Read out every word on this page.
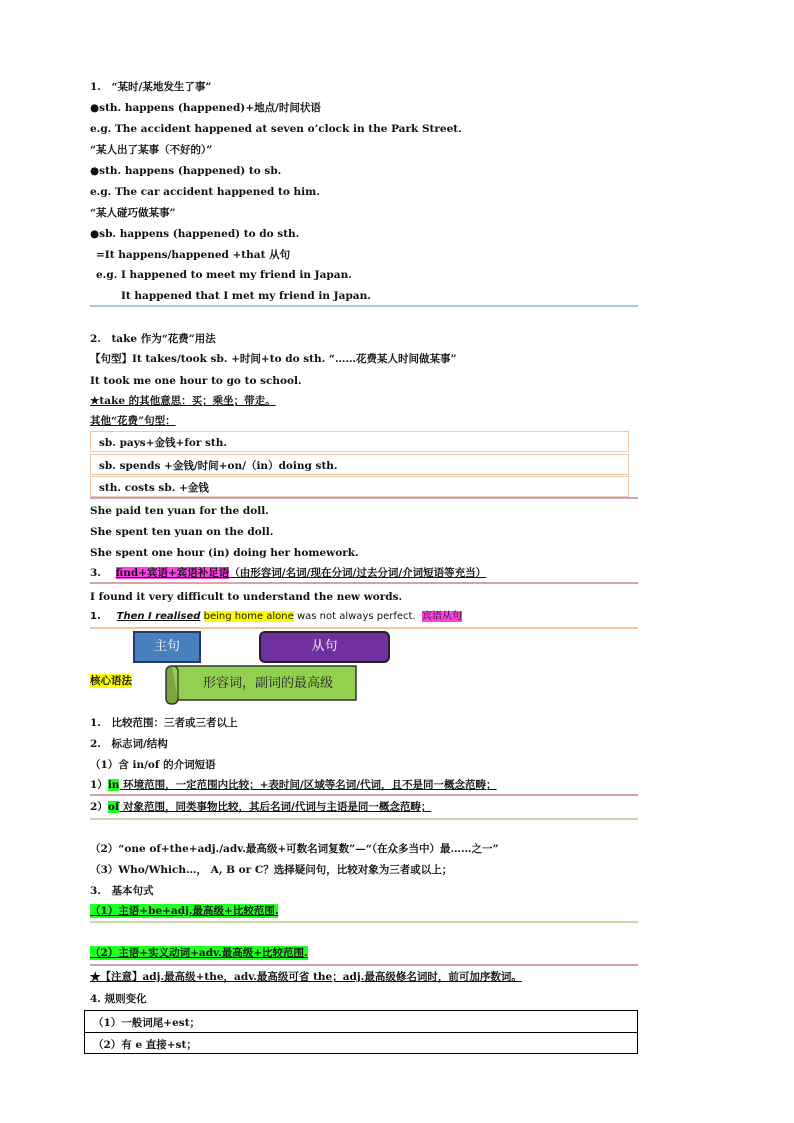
1.　“某时/某地发生了事”
●sth. happens (happened)+地点/时间状语
e.g. The accident happened at seven o’clock in the Park Street.
“某人出了某事（不好的）”
●sth. happens (happened) to sb.
e.g. The car accident happened to him.
“某人碰巧做某事”
●sb. happens (happened) to do sth.
=It happens/happened +that 从句
e.g. I happened to meet my friend in Japan.
It happened that I met my friend in Japan.
2.　take 作为“花费”用法
【句型】It takes/took sb. +时间+to do sth. “……花费某人时间做某事”
It took me one hour to go to school.
★take 的其他意思：买；乘坐；带走。
其他“花费”句型：
sb. pays+金钱+for sth.
sb. spends +金钱/时间+on/（in）doing sth.
sth. costs sb. +金钱
She paid ten yuan for the doll.
She spent ten yuan on the doll.
She spent one hour (in) doing her homework.
3. find+宾语+宾语补足语（由形容词/名词/现在分词/过去分词/介词短语等充当）
I found it very difficult to understand the new words.
1. Then I realised being home alone was not always perfect. 宾语从句
主句	从句
核心语法	形容词，副词的最高级
1.　比较范围：三者或三者以上
2.　标志词/结构
（1）含 in/of 的介词短语
1）in 环境范围，一定范围内比较；+表时间/区域等名词/代词，且不是同一概念范畴；
2）of 对象范围，同类事物比较，其后名词/代词与主语是同一概念范畴；
（2）“one of+the+adj./adv.最高级+可数名词复数”—“（在众多当中）最……之一”
（3）Who/Which…， A, B or C？选择疑问句，比较对象为三者或以上；
3.　基本句式
（1）主语+be+adj.最高级+比较范围.
（2）主语+实义动词+adv.最高级+比较范围.
★【注意】adj.最高级+the，adv.最高级可省 the；adj.最高级修名词时，前可加序数词。
4. 规则变化
（1）一般词尾+est；
（2）有 e 直接+st；
